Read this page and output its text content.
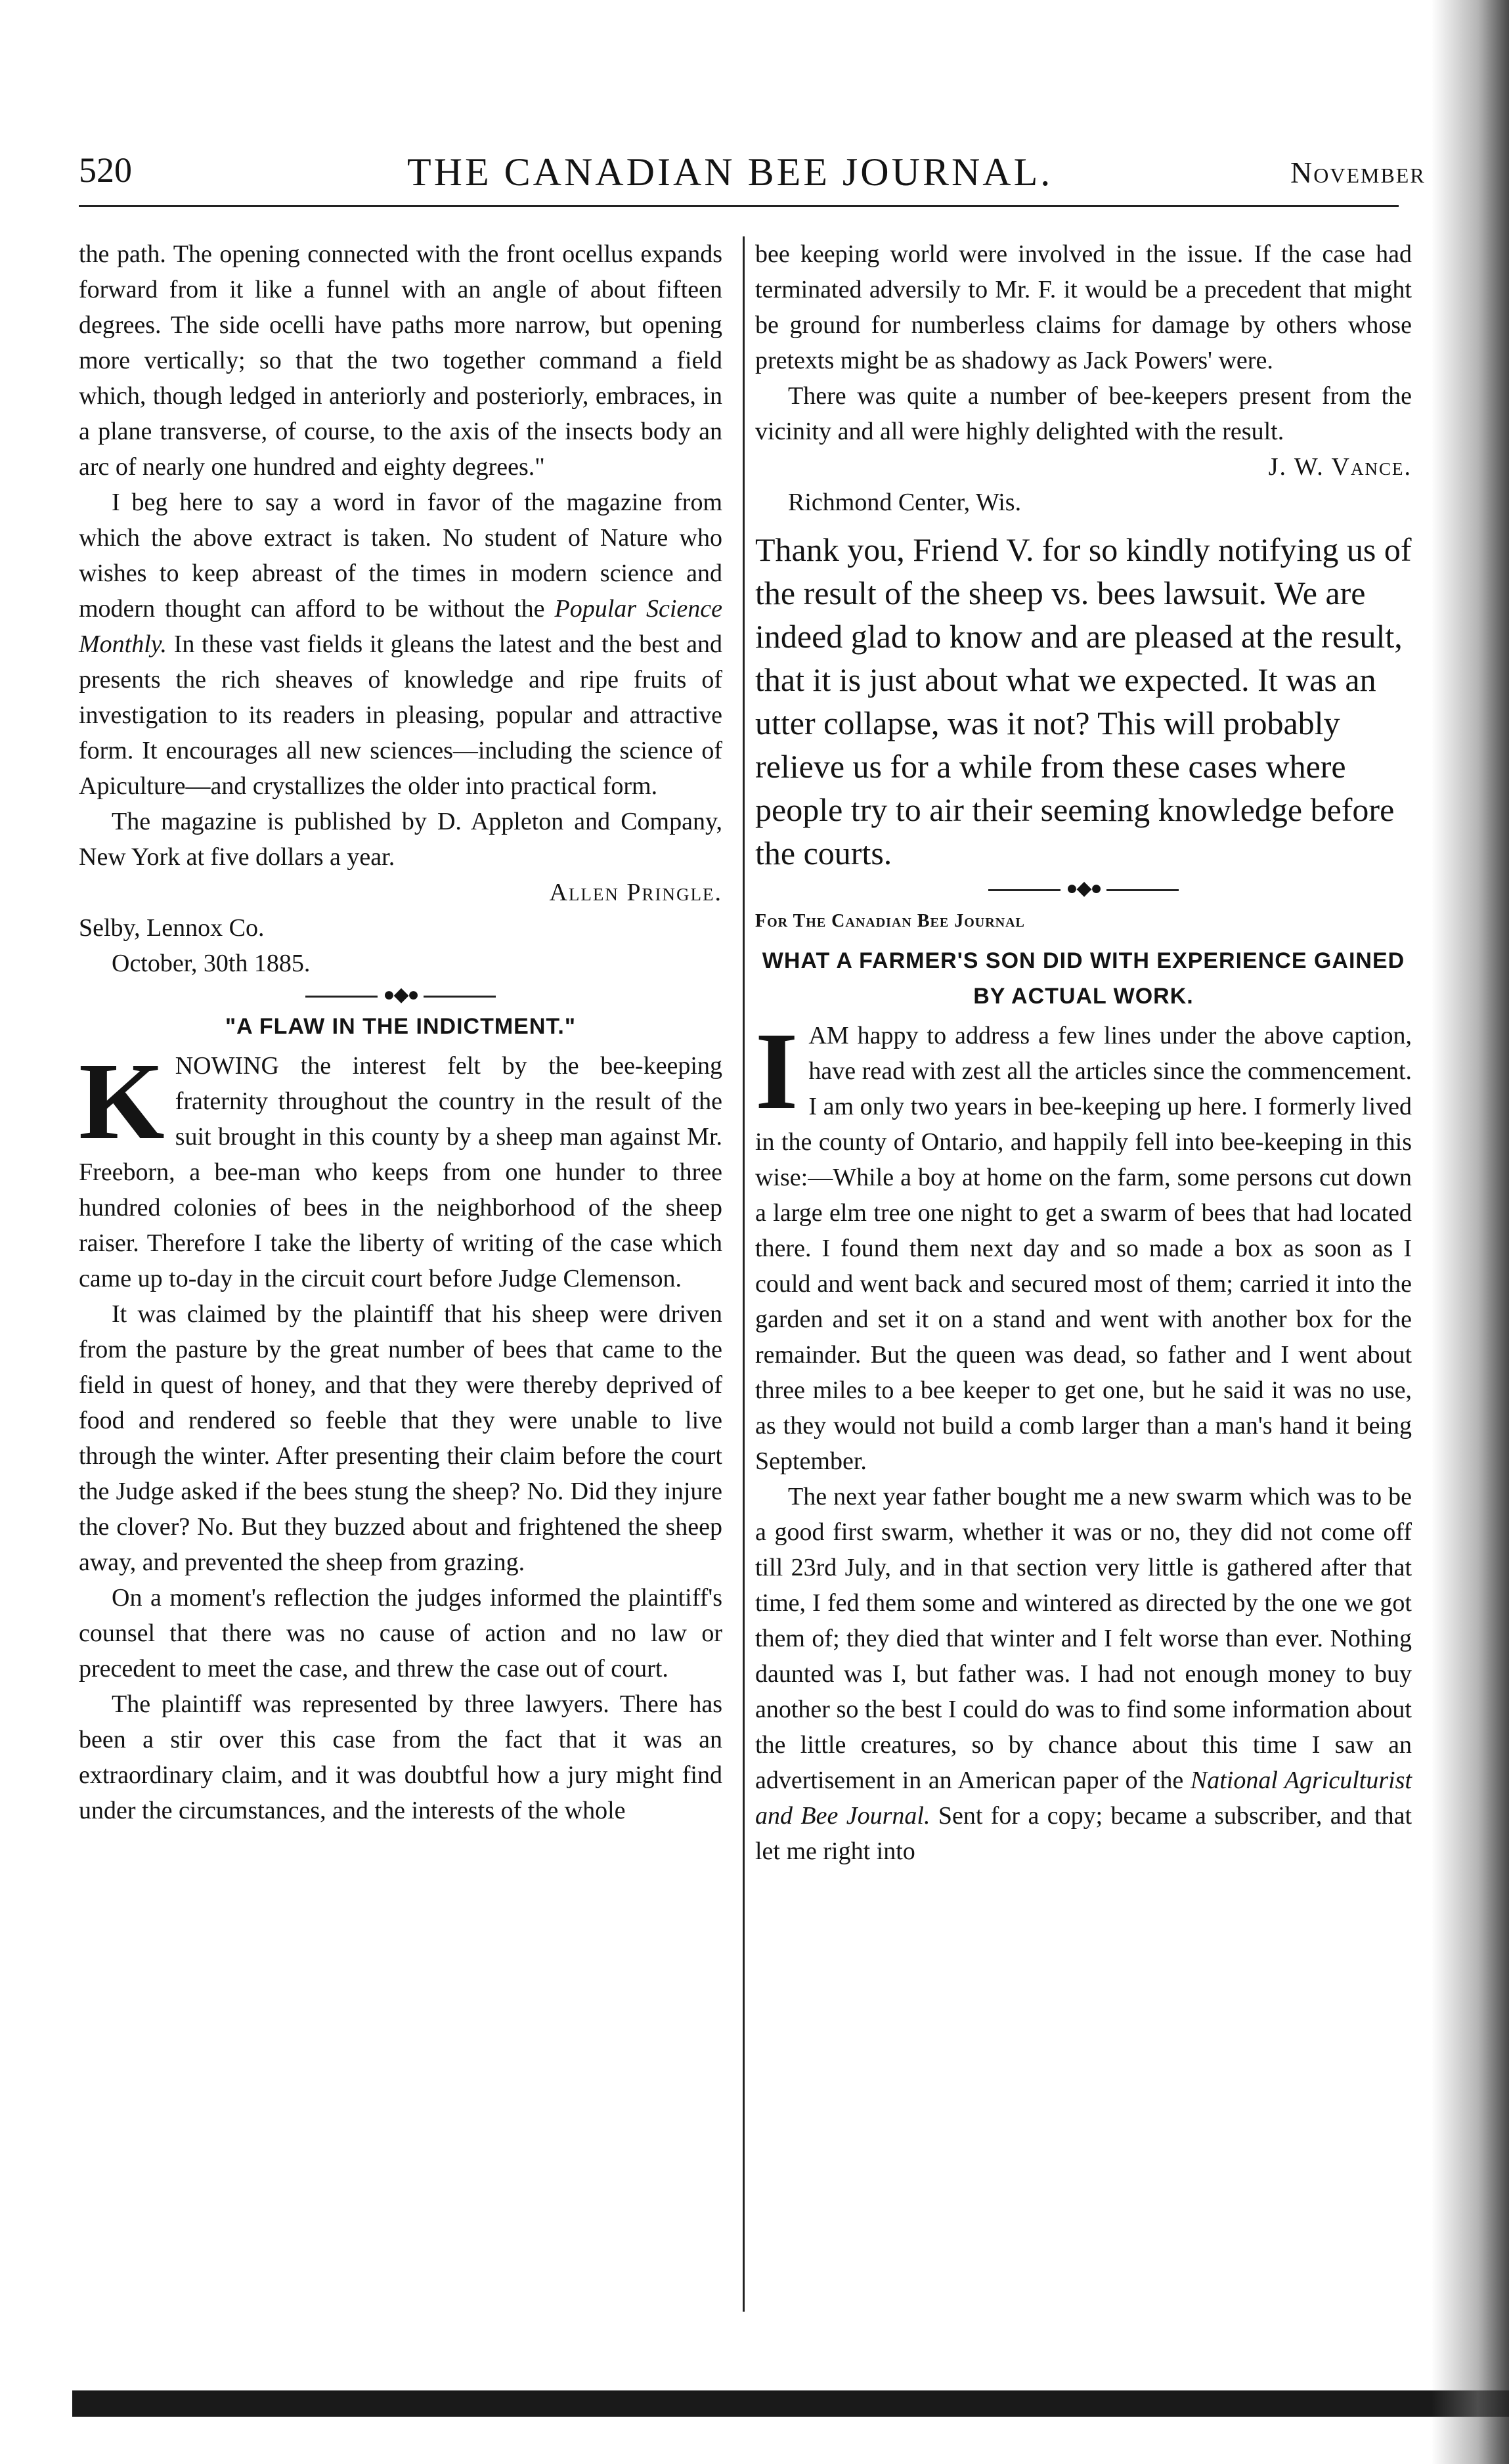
520	THE CANADIAN BEE JOURNAL.	November

the path. The opening connected with the front ocellus expands forward from it like a funnel with an angle of about fifteen degrees. The side ocelli have paths more narrow, but opening more vertically; so that the two together command a field which, though ledged in anteriorly and posteriorly, embraces, in a plane transverse, of course, to the axis of the insects body an arc of nearly one hundred and eighty degrees."

I beg here to say a word in favor of the magazine from which the above extract is taken. No student of Nature who wishes to keep abreast of the times in modern science and modern thought can afford to be without the Popular Science Monthly. In these vast fields it gleans the latest and the best and presents the rich sheaves of knowledge and ripe fruits of investigation to its readers in pleasing, popular and attractive form. It encourages all new sciences—including the science of Apiculture—and crystallizes the older into practical form.

The magazine is published by D. Appleton and Company, New York at five dollars a year.

Allen Pringle.

Selby, Lennox Co.

October, 30th 1885.

●◆●
"A FLAW IN THE INDICTMENT."

KNOWING the interest felt by the bee-keeping fraternity throughout the country in the result of the suit brought in this county by a sheep man against Mr. Freeborn, a bee-man who keeps from one hunder to three hundred colonies of bees in the neighborhood of the sheep raiser. Therefore I take the liberty of writing of the case which came up to-day in the circuit court before Judge Clemenson.

It was claimed by the plaintiff that his sheep were driven from the pasture by the great number of bees that came to the field in quest of honey, and that they were thereby deprived of food and rendered so feeble that they were unable to live through the winter. After presenting their claim before the court the Judge asked if the bees stung the sheep? No. Did they injure the clover? No. But they buzzed about and frightened the sheep away, and prevented the sheep from grazing.

On a moment's reflection the judges informed the plaintiff's counsel that there was no cause of action and no law or precedent to meet the case, and threw the case out of court.

The plaintiff was represented by three lawyers. There has been a stir over this case from the fact that it was an extraordinary claim, and it was doubtful how a jury might find under the circumstances, and the interests of the whole

bee keeping world were involved in the issue. If the case had terminated adversily to Mr. F. it would be a precedent that might be ground for numberless claims for damage by others whose pretexts might be as shadowy as Jack Powers' were.

There was quite a number of bee-keepers present from the vicinity and all were highly delighted with the result.

J. W. Vance.

Richmond Center, Wis.

Thank you, Friend V. for so kindly notifying us of the result of the sheep vs. bees lawsuit. We are indeed glad to know and are pleased at the result, that it is just about what we expected. It was an utter collapse, was it not? This will probably relieve us for a while from these cases where people try to air their seeming knowledge before the courts.

●◆●

For The Canadian Bee Journal

WHAT A FARMER'S SON DID WITH EXPERIENCE GAINED BY ACTUAL WORK.

IAM happy to address a few lines under the above caption, have read with zest all the articles since the commencement. I am only two years in bee-keeping up here. I formerly lived in the county of Ontario, and happily fell into bee-keeping in this wise:—While a boy at home on the farm, some persons cut down a large elm tree one night to get a swarm of bees that had located there. I found them next day and so made a box as soon as I could and went back and secured most of them; carried it into the garden and set it on a stand and went with another box for the remainder. But the queen was dead, so father and I went about three miles to a bee keeper to get one, but he said it was no use, as they would not build a comb larger than a man's hand it being September.

The next year father bought me a new swarm which was to be a good first swarm, whether it was or no, they did not come off till 23rd July, and in that section very little is gathered after that time, I fed them some and wintered as directed by the one we got them of; they died that winter and I felt worse than ever. Nothing daunted was I, but father was. I had not enough money to buy another so the best I could do was to find some information about the little creatures, so by chance about this time I saw an advertisement in an American paper of the National Agriculturist and Bee Journal. Sent for a copy; became a subscriber, and that let me right into
